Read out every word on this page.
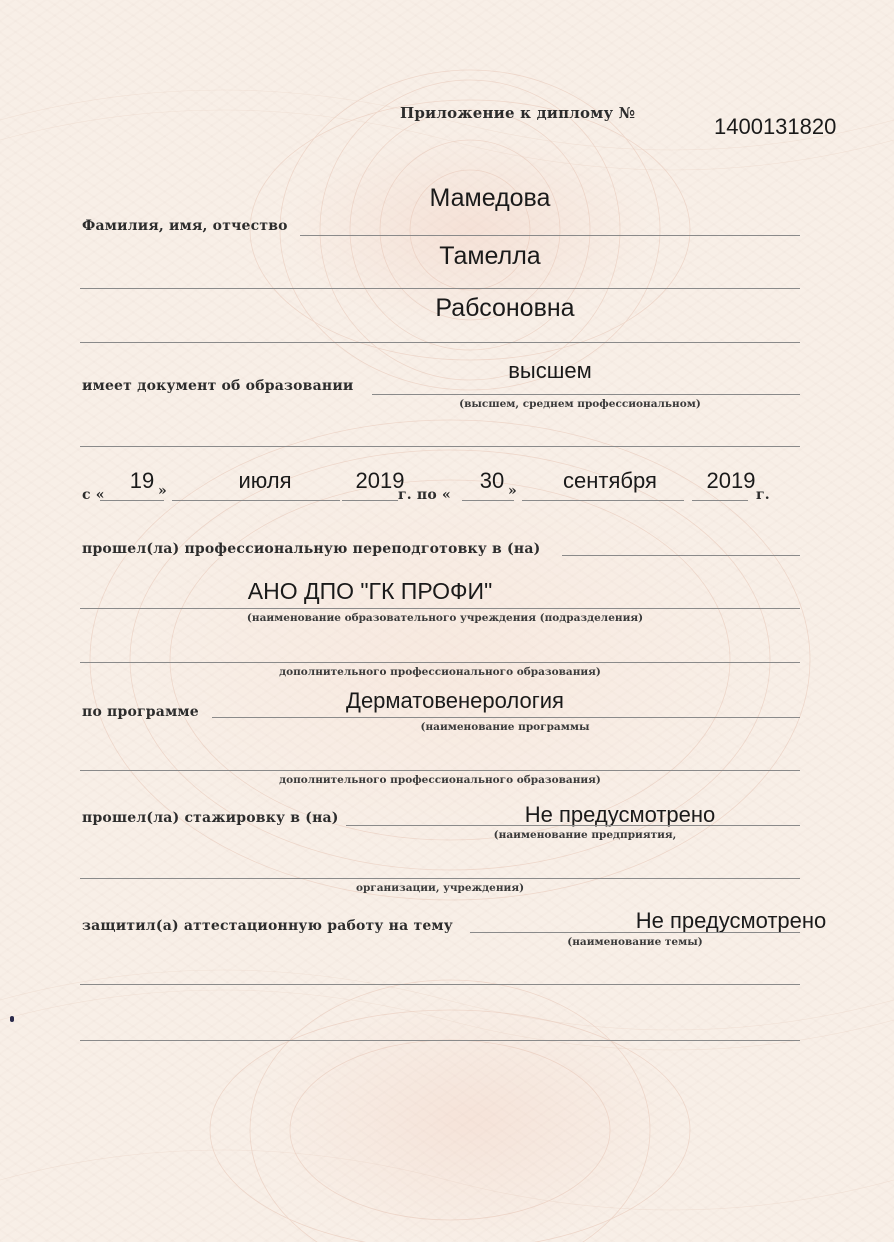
Приложение к диплому №
1400131820
Мамедова
Фамилия, имя, отчество
Тамелла
Рабсоновна
высшем
имеет документ об образовании
(высшем, среднем профессиональном)
с «
19 »	июля	2019
г. по «
30 »	сентября	2019
г.
прошел(ла) профессиональную переподготовку в (на)
АНО ДПО "ГК ПРОФИ"
(наименование образовательного учреждения (подразделения)
дополнительного профессионального образования)
Дерматовенерология
по программе
(наименование программы
дополнительного профессионального образования)
Не предусмотрено
прошел(ла) стажировку в (на)
(наименование предприятия,
организации, учреждения)
Не предусмотрено
защитил(а) аттестационную работу на тему
(наименование темы)
